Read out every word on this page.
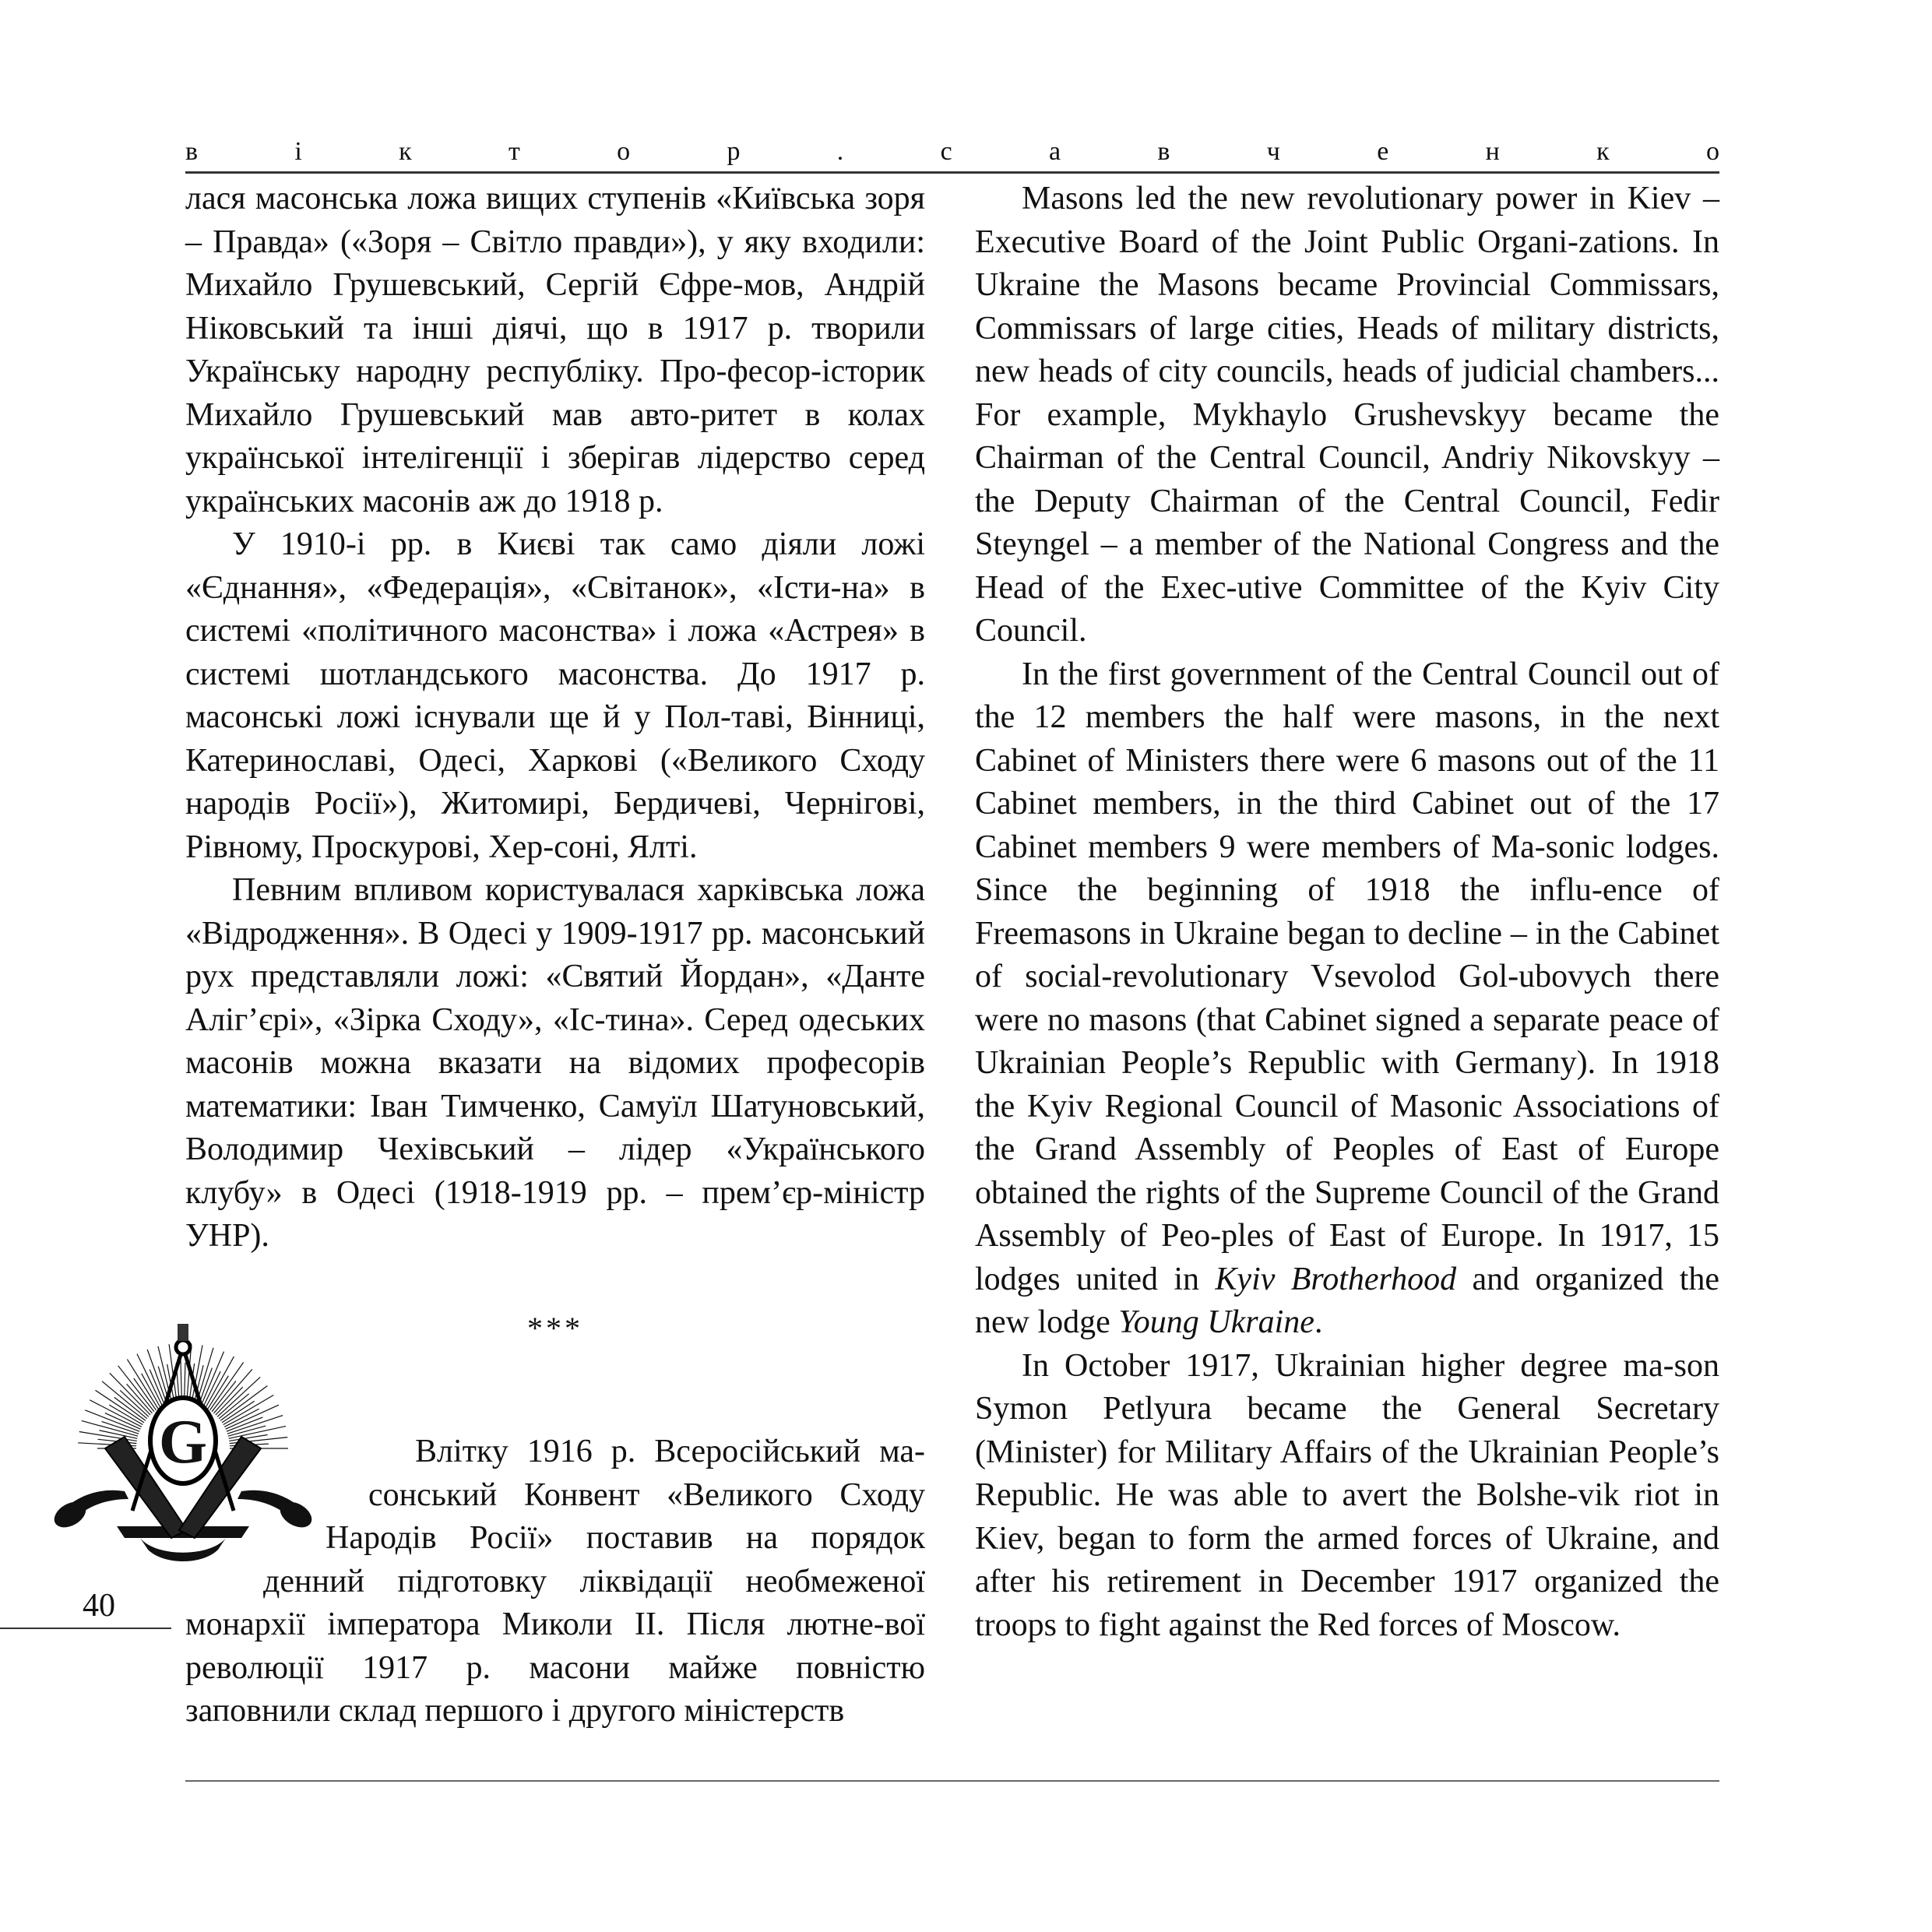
в	і	к	т	о	р	.	с	а	в	ч	е	н	к	о

лася масонська ложа вищих ступенів «Київська зоря – Правда» («Зоря – Світло правди»), у яку входили: Михайло Грушевський, Сергій Єфре-мов, Андрій Ніковський та інші діячі, що в 1917 р. творили Українську народну республіку. Про-фесор-історик Михайло Грушевський мав авто-ритет в колах української інтелігенції і зберігав лідерство серед українських масонів аж до 1918 р.

У 1910-і рр. в Києві так само діяли ложі «Єднання», «Федерація», «Світанок», «Істи-на» в системі «політичного масонства» і ложа «Астрея» в системі шотландського масонства. До 1917 р. масонські ложі існували ще й у Пол-таві, Вінниці, Катеринославі, Одесі, Харкові («Великого Сходу народів Росії»), Житомирі, Бердичеві, Чернігові, Рівному, Проскурові, Хер-соні, Ялті.

Певним впливом користувалася харківська ложа «Відродження». В Одесі у 1909-1917 рр. масонський рух представляли ложі: «Святий Йордан», «Данте Аліг’єрі», «Зірка Сходу», «Іс-тина». Серед одеських масонів можна вказати на відомих професорів математики: Іван Тимченко, Самуїл Шатуновський, Володимир Чехівський – лідер «Українського клубу» в Одесі (1918-1919 рр. – прем’єр-міністр УНР).

***

Влітку 1916 р. Всеросійський ма-сонський Конвент «Великого Сходу Народів Росії» поставив на порядок денний підготовку ліквідації необмеженої монархії імператора Миколи ІІ. Після лютне-вої революції 1917 р. масони майже повністю заповнили склад першого і другого міністерств

Masons led the new revolutionary power in Kiev – Executive Board of the Joint Public Organi-zations. In Ukraine the Masons became Provincial Commissars, Commissars of large cities, Heads of military districts, new heads of city councils, heads of judicial chambers... For example, Mykhaylo Grushevskyy became the Chairman of the Central Council, Andriy Nikovskyy – the Deputy Chairman of the Central Council, Fedir Steyngel – a member of the National Congress and the Head of the Exec-utive Committee of the Kyiv City Council.

In the first government of the Central Council out of the 12 members the half were masons, in the next Cabinet of Ministers there were 6 masons out of the 11 Cabinet members, in the third Cabinet out of the 17 Cabinet members 9 were members of Ma-sonic lodges. Since the beginning of 1918 the influ-ence of Freemasons in Ukraine began to decline – in the Cabinet of social-revolutionary Vsevolod Gol-ubovych there were no masons (that Cabinet signed a separate peace of Ukrainian People’s Republic with Germany). In 1918 the Kyiv Regional Council of Masonic Associations of the Grand Assembly of Peoples of East of Europe obtained the rights of the Supreme Council of the Grand Assembly of Peo-ples of East of Europe. In 1917, 15 lodges united in Kyiv Brotherhood and organized the new lodge Young Ukraine.

In October 1917, Ukrainian higher degree ma-son Symon Petlyura became the General Secretary (Minister) for Military Affairs of the Ukrainian People’s Republic. He was able to avert the Bolshe-vik riot in Kiev, began to form the armed forces of Ukraine, and after his retirement in December 1917 organized the troops to fight against the Red forces of Moscow.

G
40
